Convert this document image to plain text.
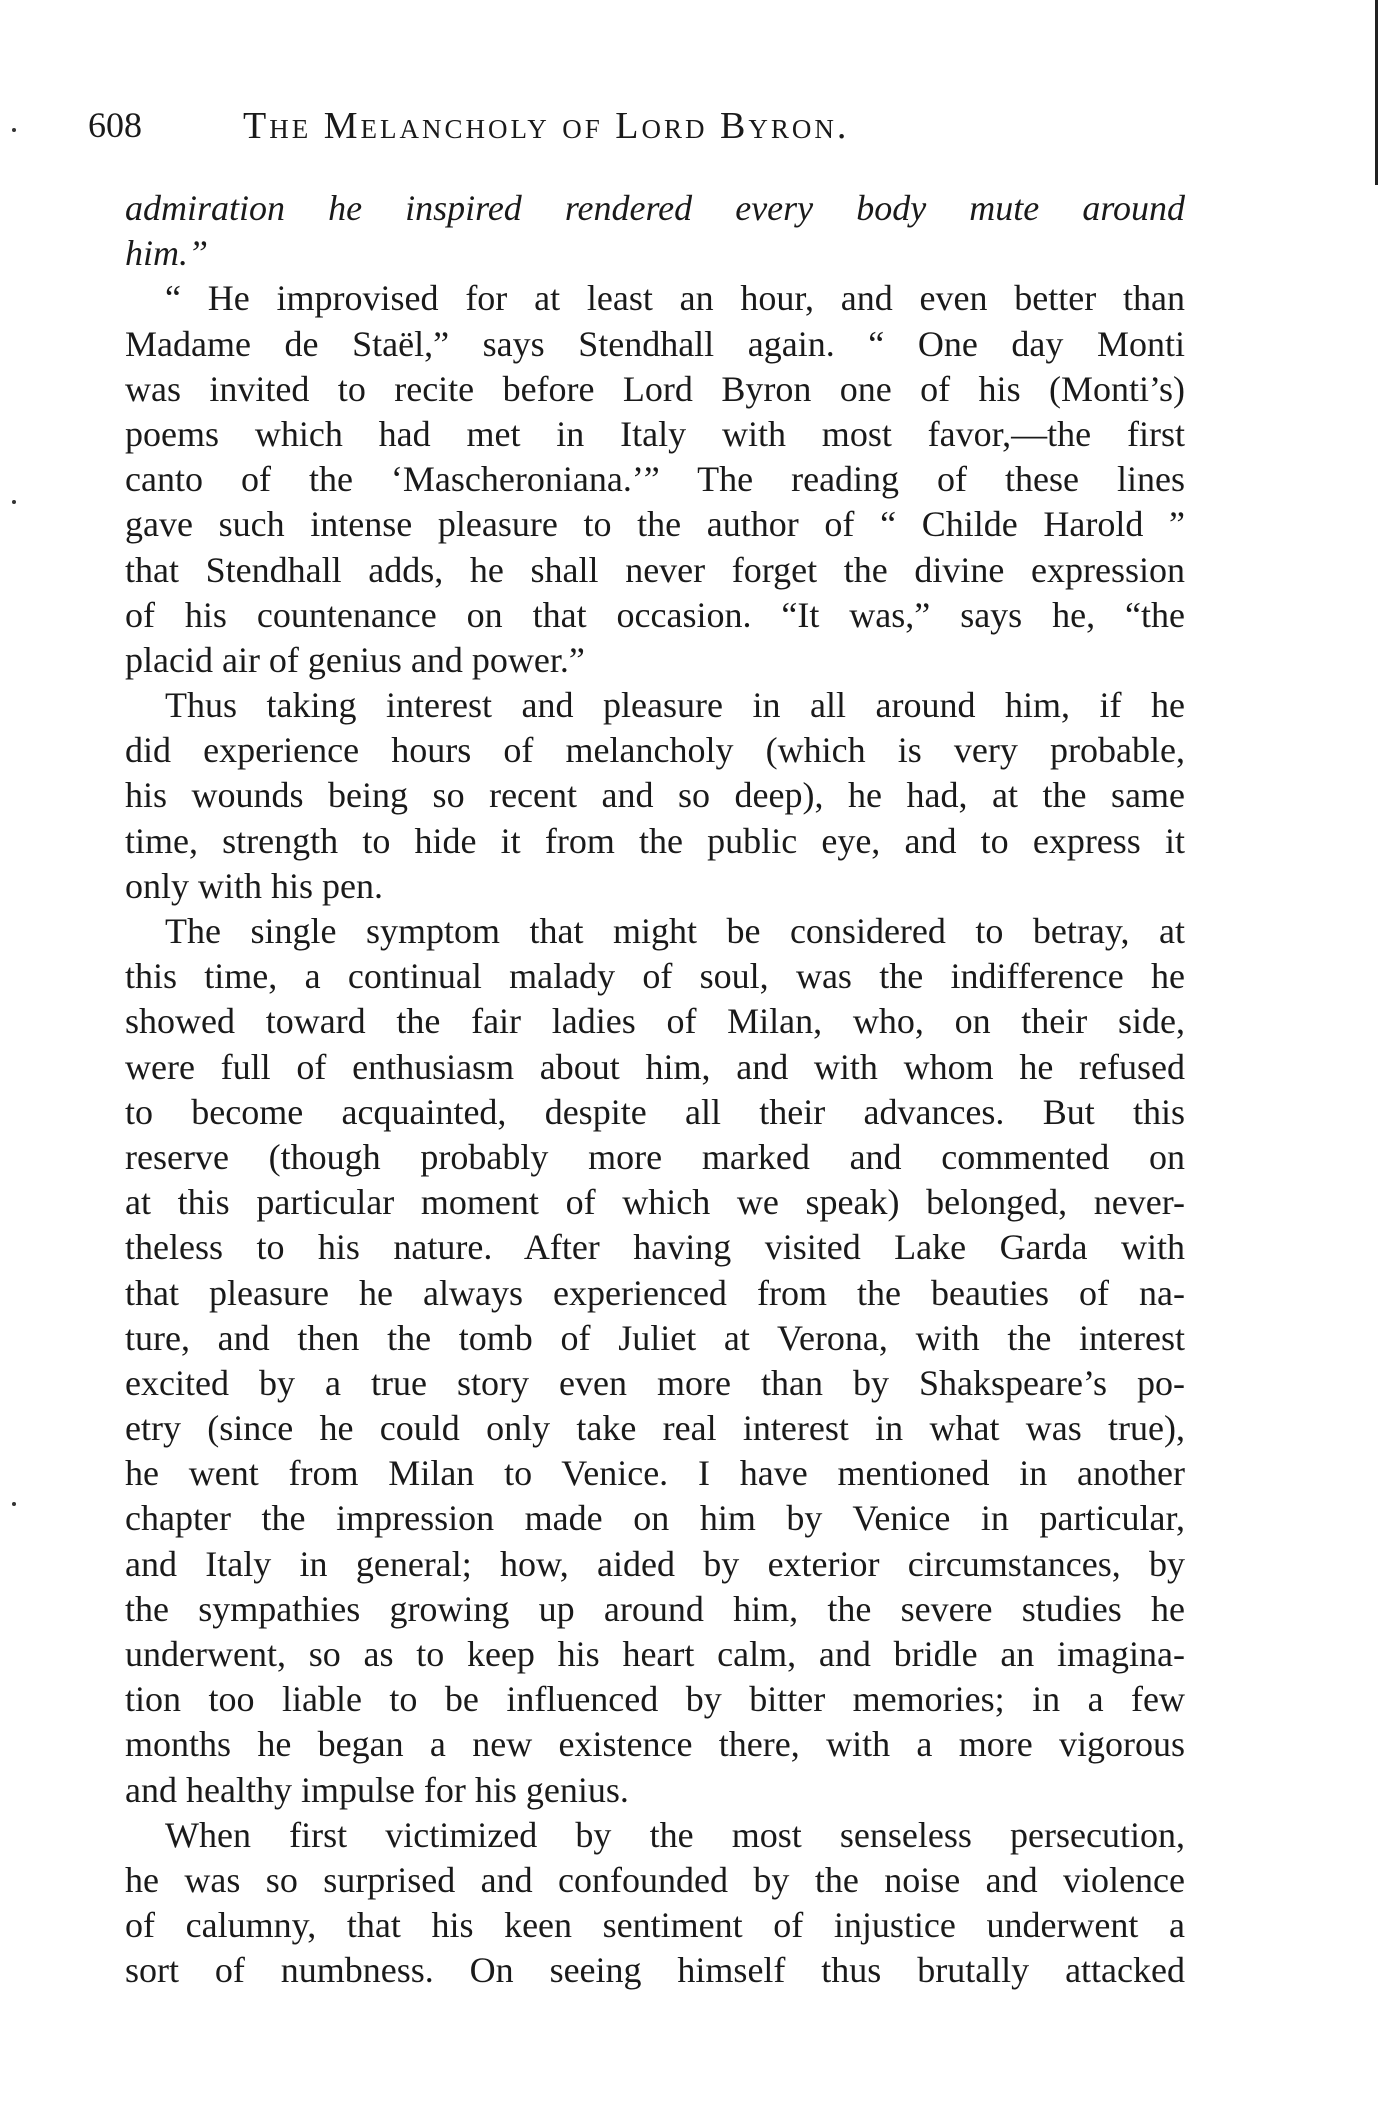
608	The Melancholy of Lord Byron.
admiration he inspired rendered every body mute around
him.”
“ He improvised for at least an hour, and even better than
Madame de Staël,” says Stendhall again. “ One day Monti
was invited to recite before Lord Byron one of his (Monti’s)
poems which had met in Italy with most favor,—the first
canto of the ‘Mascheroniana.’” The reading of these lines
gave such intense pleasure to the author of “ Childe Harold ”
that Stendhall adds, he shall never forget the divine expression
of his countenance on that occasion. “It was,” says he, “the
placid air of genius and power.”
Thus taking interest and pleasure in all around him, if he
did experience hours of melancholy (which is very probable,
his wounds being so recent and so deep), he had, at the same
time, strength to hide it from the public eye, and to express it
only with his pen.
The single symptom that might be considered to betray, at
this time, a continual malady of soul, was the indifference he
showed toward the fair ladies of Milan, who, on their side,
were full of enthusiasm about him, and with whom he refused
to become acquainted, despite all their advances. But this
reserve (though probably more marked and commented on
at this particular moment of which we speak) belonged, never-
theless to his nature. After having visited Lake Garda with
that pleasure he always experienced from the beauties of na-
ture, and then the tomb of Juliet at Verona, with the interest
excited by a true story even more than by Shakspeare’s po-
etry (since he could only take real interest in what was true),
he went from Milan to Venice. I have mentioned in another
chapter the impression made on him by Venice in particular,
and Italy in general; how, aided by exterior circumstances, by
the sympathies growing up around him, the severe studies he
underwent, so as to keep his heart calm, and bridle an imagina-
tion too liable to be influenced by bitter memories; in a few
months he began a new existence there, with a more vigorous
and healthy impulse for his genius.
When first victimized by the most senseless persecution,
he was so surprised and confounded by the noise and violence
of calumny, that his keen sentiment of injustice underwent a
sort of numbness. On seeing himself thus brutally attacked
